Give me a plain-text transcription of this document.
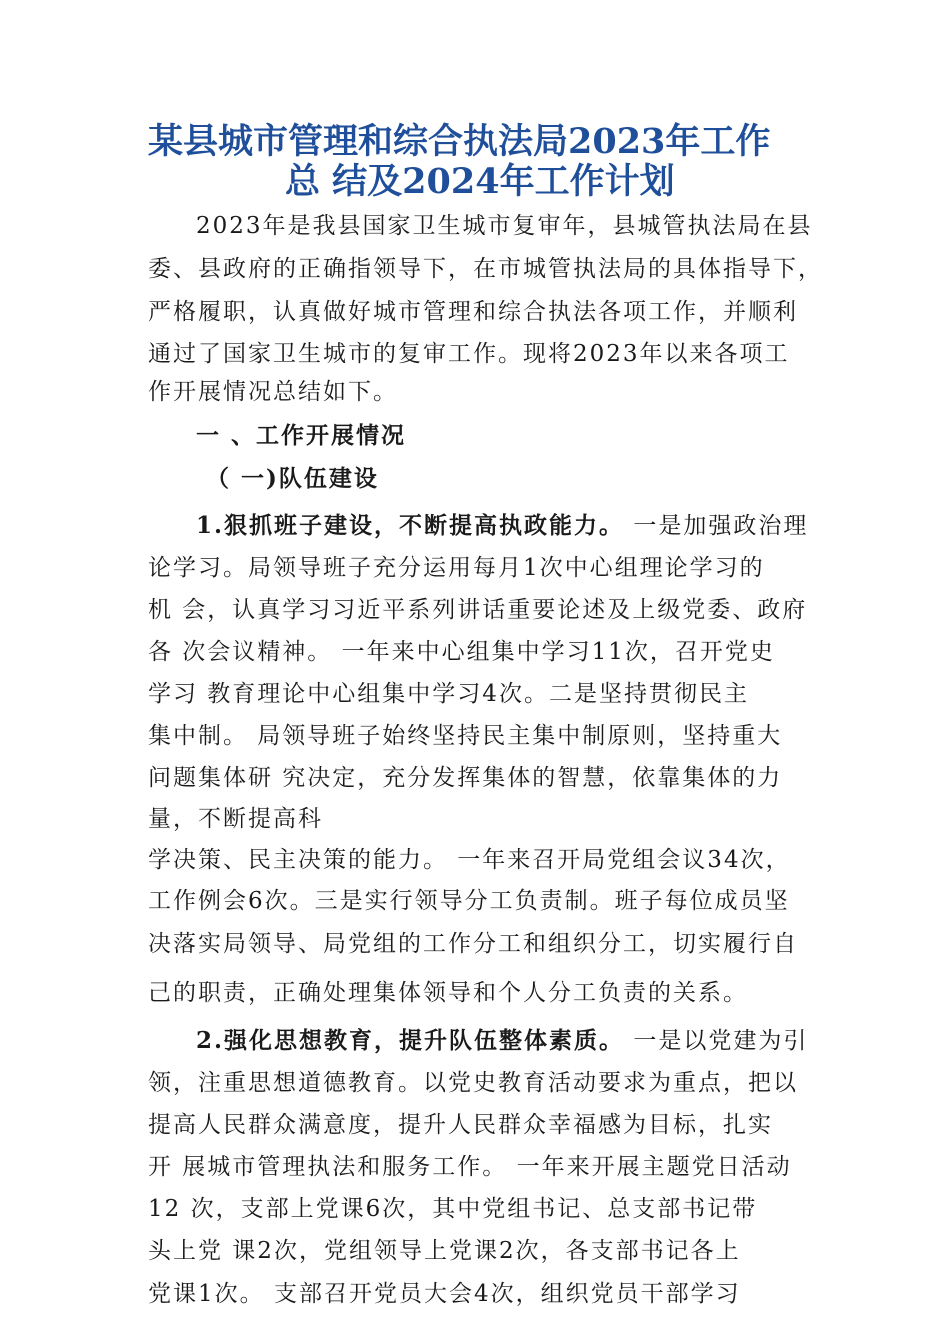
某县城市管理和综合执法局2023年工作
总 结及2024年工作计划
2023年是我县国家卫生城市复审年，县城管执法局在县
委、县政府的正确指领导下，在市城管执法局的具体指导下，
严格履职，认真做好城市管理和综合执法各项工作，并顺利
通过了国家卫生城市的复审工作。现将2023年以来各项工
作开展情况总结如下。
一 、工作开展情况
（ 一)队伍建设
1.狠抓班子建设，不断提高执政能力。 一是加强政治理
论学习。局领导班子充分运用每月1次中心组理论学习的
机 会，认真学习习近平系列讲话重要论述及上级党委、政府
各 次会议精神。 一年来中心组集中学习11次，召开党史
学习 教育理论中心组集中学习4次。二是坚持贯彻民主
集中制。 局领导班子始终坚持民主集中制原则，坚持重大
问题集体研 究决定，充分发挥集体的智慧，依靠集体的力
量，不断提高科
学决策、民主决策的能力。 一年来召开局党组会议34次，
工作例会6次。三是实行领导分工负责制。班子每位成员坚
决落实局领导、局党组的工作分工和组织分工，切实履行自
己的职责，正确处理集体领导和个人分工负责的关系。
2.强化思想教育，提升队伍整体素质。 一是以党建为引
领，注重思想道德教育。以党史教育活动要求为重点，把以
提高人民群众满意度，提升人民群众幸福感为目标，扎实
开 展城市管理执法和服务工作。 一年来开展主题党日活动
12 次，支部上党课6次，其中党组书记、总支部书记带
头上党 课2次，党组领导上党课2次，各支部书记各上
党课1次。 支部召开党员大会4次，组织党员干部学习
